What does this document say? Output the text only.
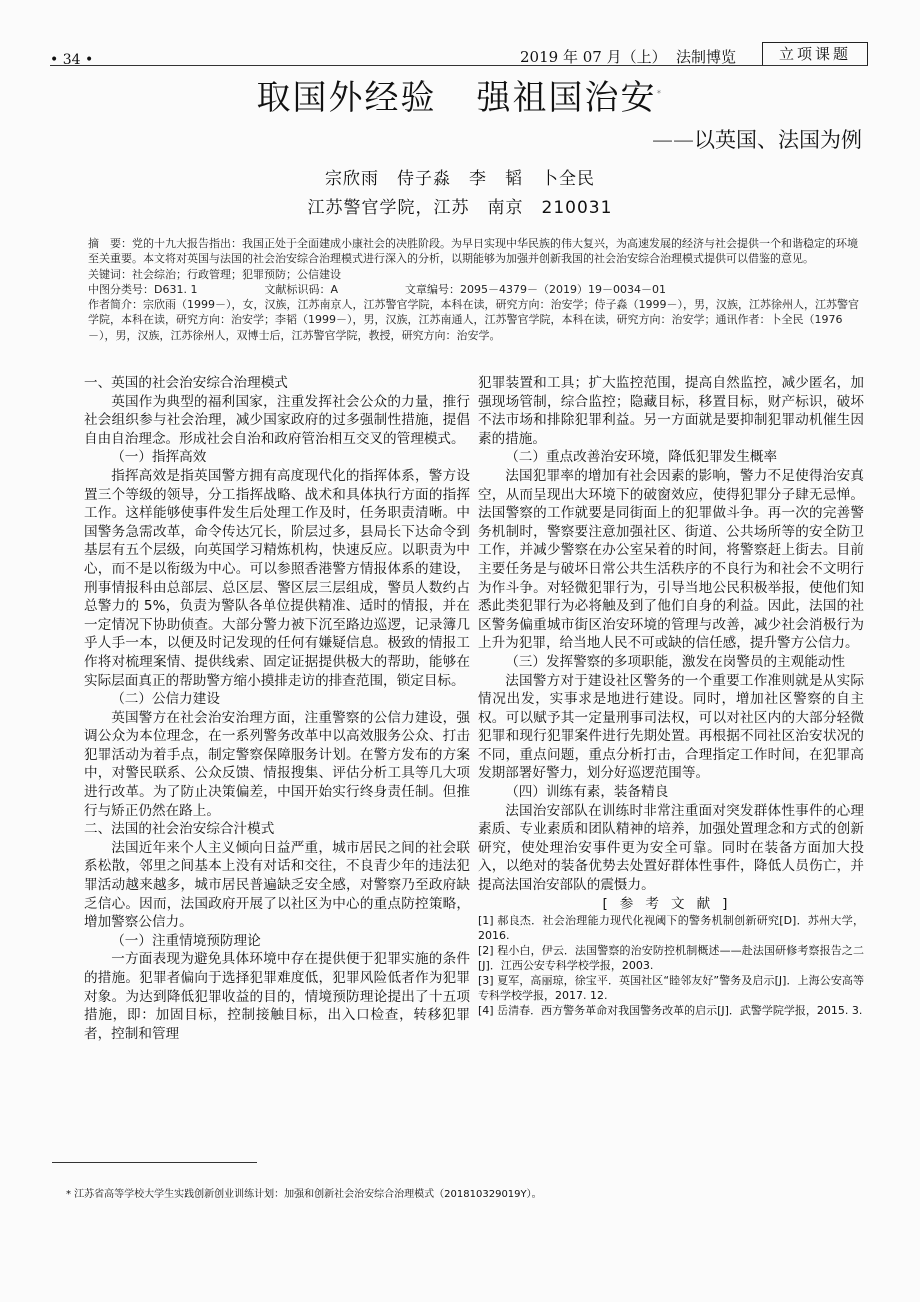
• 34 •	2019 年 07 月（上） 法制博览	立项课题
取国外经验 强祖国治安*
——以英国、法国为例
宗欣雨　侍子淼　李　韬　卜全民
江苏警官学院，江苏　南京　210031

摘　要：党的十九大报告指出：我国正处于全面建成小康社会的决胜阶段。为早日实现中华民族的伟大复兴，为高速发展的经济与社会提供一个和谐稳定的环境至关重要。本文将对英国与法国的社会治安综合治理模式进行深入的分析，以期能够为加强并创新我国的社会治安综合治理模式提供可以借鉴的意见。

关键词：社会综治；行政管理；犯罪预防；公信建设

中图分类号：D631. 1	文献标识码：A	文章编号：2095－4379－（2019）19－0034－01

作者简介：宗欣雨（1999－），女，汉族，江苏南京人，江苏警官学院，本科在读，研究方向：治安学；侍子淼（1999－），男，汉族，江苏徐州人，江苏警官学院，本科在读，研究方向：治安学；李韬（1999－），男，汉族，江苏南通人，江苏警官学院，本科在读，研究方向：治安学；通讯作者：卜全民（1976－），男，汉族，江苏徐州人，双博士后，江苏警官学院，教授，研究方向：治安学。

一、英国的社会治安综合治理模式

英国作为典型的福利国家，注重发挥社会公众的力量，推行社会组织参与社会治理，减少国家政府的过多强制性措施，提倡自由自治理念。形成社会自治和政府管治相互交叉的管理模式。

（一）指挥高效

指挥高效是指英国警方拥有高度现代化的指挥体系，警方设置三个等级的领导，分工指挥战略、战术和具体执行方面的指挥工作。这样能够使事件发生后处理工作及时，任务职责清晰。中国警务急需改革，命令传达冗长，阶层过多，县局长下达命令到基层有五个层级，向英国学习精炼机构，快速反应。以职责为中心，而不是以衔级为中心。可以参照香港警方情报体系的建设，刑事情报科由总部层、总区层、警区层三层组成，警员人数约占总警力的 5%，负责为警队各单位提供精准、适时的情报，并在一定情况下协助侦查。大部分警力被下沉至路边巡逻，记录簿几乎人手一本，以便及时记发现的任何有嫌疑信息。极致的情报工作将对梳理案情、提供线索、固定证据提供极大的帮助，能够在实际层面真正的帮助警方缩小摸排走访的排查范围，锁定目标。

（二）公信力建设

英国警方在社会治安治理方面，注重警察的公信力建设，强调公众为本位理念，在一系列警务改革中以高效服务公众、打击犯罪活动为着手点，制定警察保障服务计划。在警方发布的方案中，对警民联系、公众反馈、情报搜集、评估分析工具等几大项进行改革。为了防止决策偏差，中国开始实行终身责任制。但推行与矫正仍然在路上。

二、法国的社会治安综合汁模式

法国近年来个人主义倾向日益严重，城市居民之间的社会联系松散，邻里之间基本上没有对话和交往，不良青少年的违法犯罪活动越来越多，城市居民普遍缺乏安全感，对警察乃至政府缺乏信心。因而，法国政府开展了以社区为中心的重点防控策略，增加警察公信力。

（一）注重情境预防理论

一方面表现为避免具体环境中存在提供便于犯罪实施的条件的措施。犯罪者偏向于选择犯罪难度低，犯罪风险低者作为犯罪对象。为达到降低犯罪收益的目的，情境预防理论提出了十五项措施，即：加固目标，控制接触目标，出入口检查，转移犯罪者，控制和管理

犯罪装置和工具；扩大监控范围，提高自然监控，减少匿名，加强现场管制，综合监控；隐藏目标，移置目标，财产标识，破坏不法市场和排除犯罪利益。另一方面就是要抑制犯罪动机催生因素的措施。

（二）重点改善治安环境，降低犯罪发生概率

法国犯罪率的增加有社会因素的影响，警力不足使得治安真空，从而呈现出大环境下的破窗效应，使得犯罪分子肆无忌惮。法国警察的工作就要是同街面上的犯罪做斗争。再一次的完善警务机制时，警察要注意加强社区、街道、公共场所等的安全防卫工作，并减少警察在办公室呆着的时间，将警察赶上街去。目前主要任务是与破坏日常公共生活秩序的不良行为和社会不文明行为作斗争。对轻微犯罪行为，引导当地公民积极举报，使他们知悉此类犯罪行为必将触及到了他们自身的利益。因此，法国的社区警务偏重城市街区治安环境的管理与改善，减少社会消极行为上升为犯罪，给当地人民不可或缺的信任感，提升警方公信力。

（三）发挥警察的多项职能，激发在岗警员的主观能动性

法国警方对于建设社区警务的一个重要工作准则就是从实际情况出发，实事求是地进行建设。同时，增加社区警察的自主权。可以赋予其一定量刑事司法权，可以对社区内的大部分轻微犯罪和现行犯罪案件进行先期处置。再根据不同社区治安状况的不同，重点问题，重点分析打击，合理指定工作时间，在犯罪高发期部署好警力，划分好巡逻范围等。

（四）训练有素，装备精良

法国治安部队在训练时非常注重面对突发群体性事件的心理素质、专业素质和团队精神的培养，加强处置理念和方式的创新研究，使处理治安事件更为安全可靠。同时在装备方面加大投入，以绝对的装备优势去处置好群体性事件，降低人员伤亡，并提高法国治安部队的震慑力。

[参考文献]

[1] 郝良杰．社会治理能力现代化视阈下的警务机制创新研究[D]．苏州大学，2016.

[2] 程小白，伊云．法国警察的治安防控机制概述——赴法国研修考察报告之二[J]．江西公安专科学校学报，2003.

[3] 夏军，高丽琼，徐宝平．英国社区“睦邻友好”警务及启示[J]．上海公安高等专科学校学报，2017. 12.

[4] 岳清春．西方警务革命对我国警务改革的启示[J]．武警学院学报，2015. 3.

* 江苏省高等学校大学生实践创新创业训练计划：加强和创新社会治安综合治理模式（201810329019Y）。
